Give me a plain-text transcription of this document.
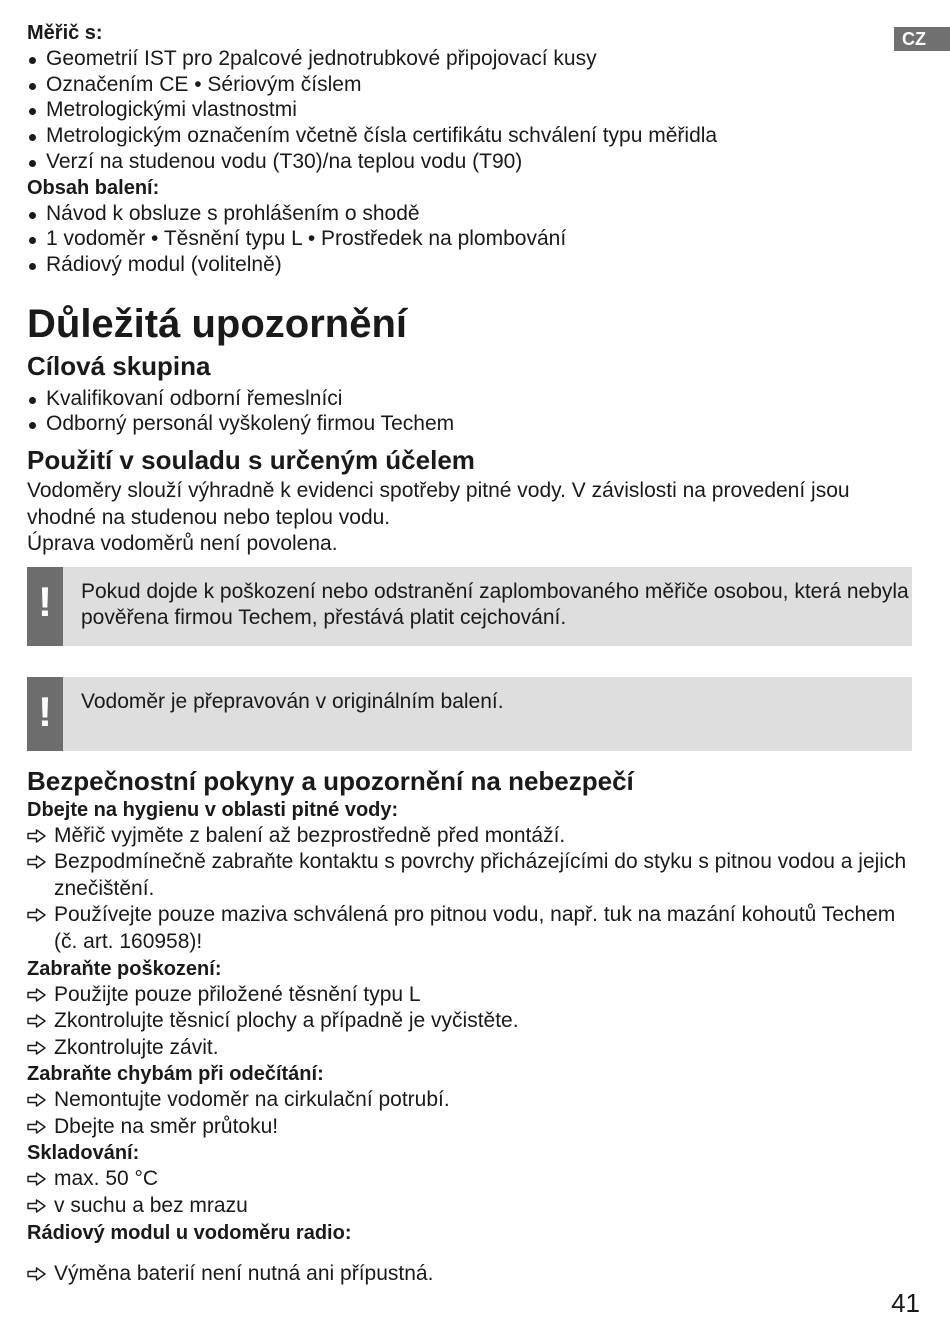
CZ
Měřič s:
Geometrií IST pro 2palcové jednotrubkové připojovací kusy
Označením CE • Sériovým číslem
Metrologickými vlastnostmi
Metrologickým označením včetně čísla certifikátu schválení typu měřidla
Verzí na studenou vodu (T30)/na teplou vodu (T90)
Obsah balení:
Návod k obsluze s prohlášením o shodě
1 vodoměr • Těsnění typu L • Prostředek na plombování
Rádiový modul (volitelně)
Důležitá upozornění
Cílová skupina
Kvalifikovaní odborní řemeslníci
Odborný personál vyškolený firmou Techem
Použití v souladu s určeným účelem
Vodoměry slouží výhradně k evidenci spotřeby pitné vody. V závislosti na provedení jsou vhodné na studenou nebo teplou vodu.
Úprava vodoměrů není povolena.
!	Pokud dojde k poškození nebo odstranění zaplombovaného měřiče osobou, která nebyla pověřena firmou Techem, přestává platit cejchování.
!	Vodoměr je přepravován v originálním balení.
Bezpečnostní pokyny a upozornění na nebezpečí
Dbejte na hygienu v oblasti pitné vody:
Měřič vyjměte z balení až bezprostředně před montáží.
Bezpodmínečně zabraňte kontaktu s povrchy přicházejícími do styku s pitnou vodou a jejich znečištění.
Používejte pouze maziva schválená pro pitnou vodu, např. tuk na mazání kohoutů Techem (č. art. 160958)!
Zabraňte poškození:
Použijte pouze přiložené těsnění typu L
Zkontrolujte těsnicí plochy a případně je vyčistěte.
Zkontrolujte závit.
Zabraňte chybám při odečítání:
Nemontujte vodoměr na cirkulační potrubí.
Dbejte na směr průtoku!
Skladování:
max. 50 °C
v suchu a bez mrazu
Rádiový modul u vodoměru radio:
Výměna baterií není nutná ani přípustná.
41
